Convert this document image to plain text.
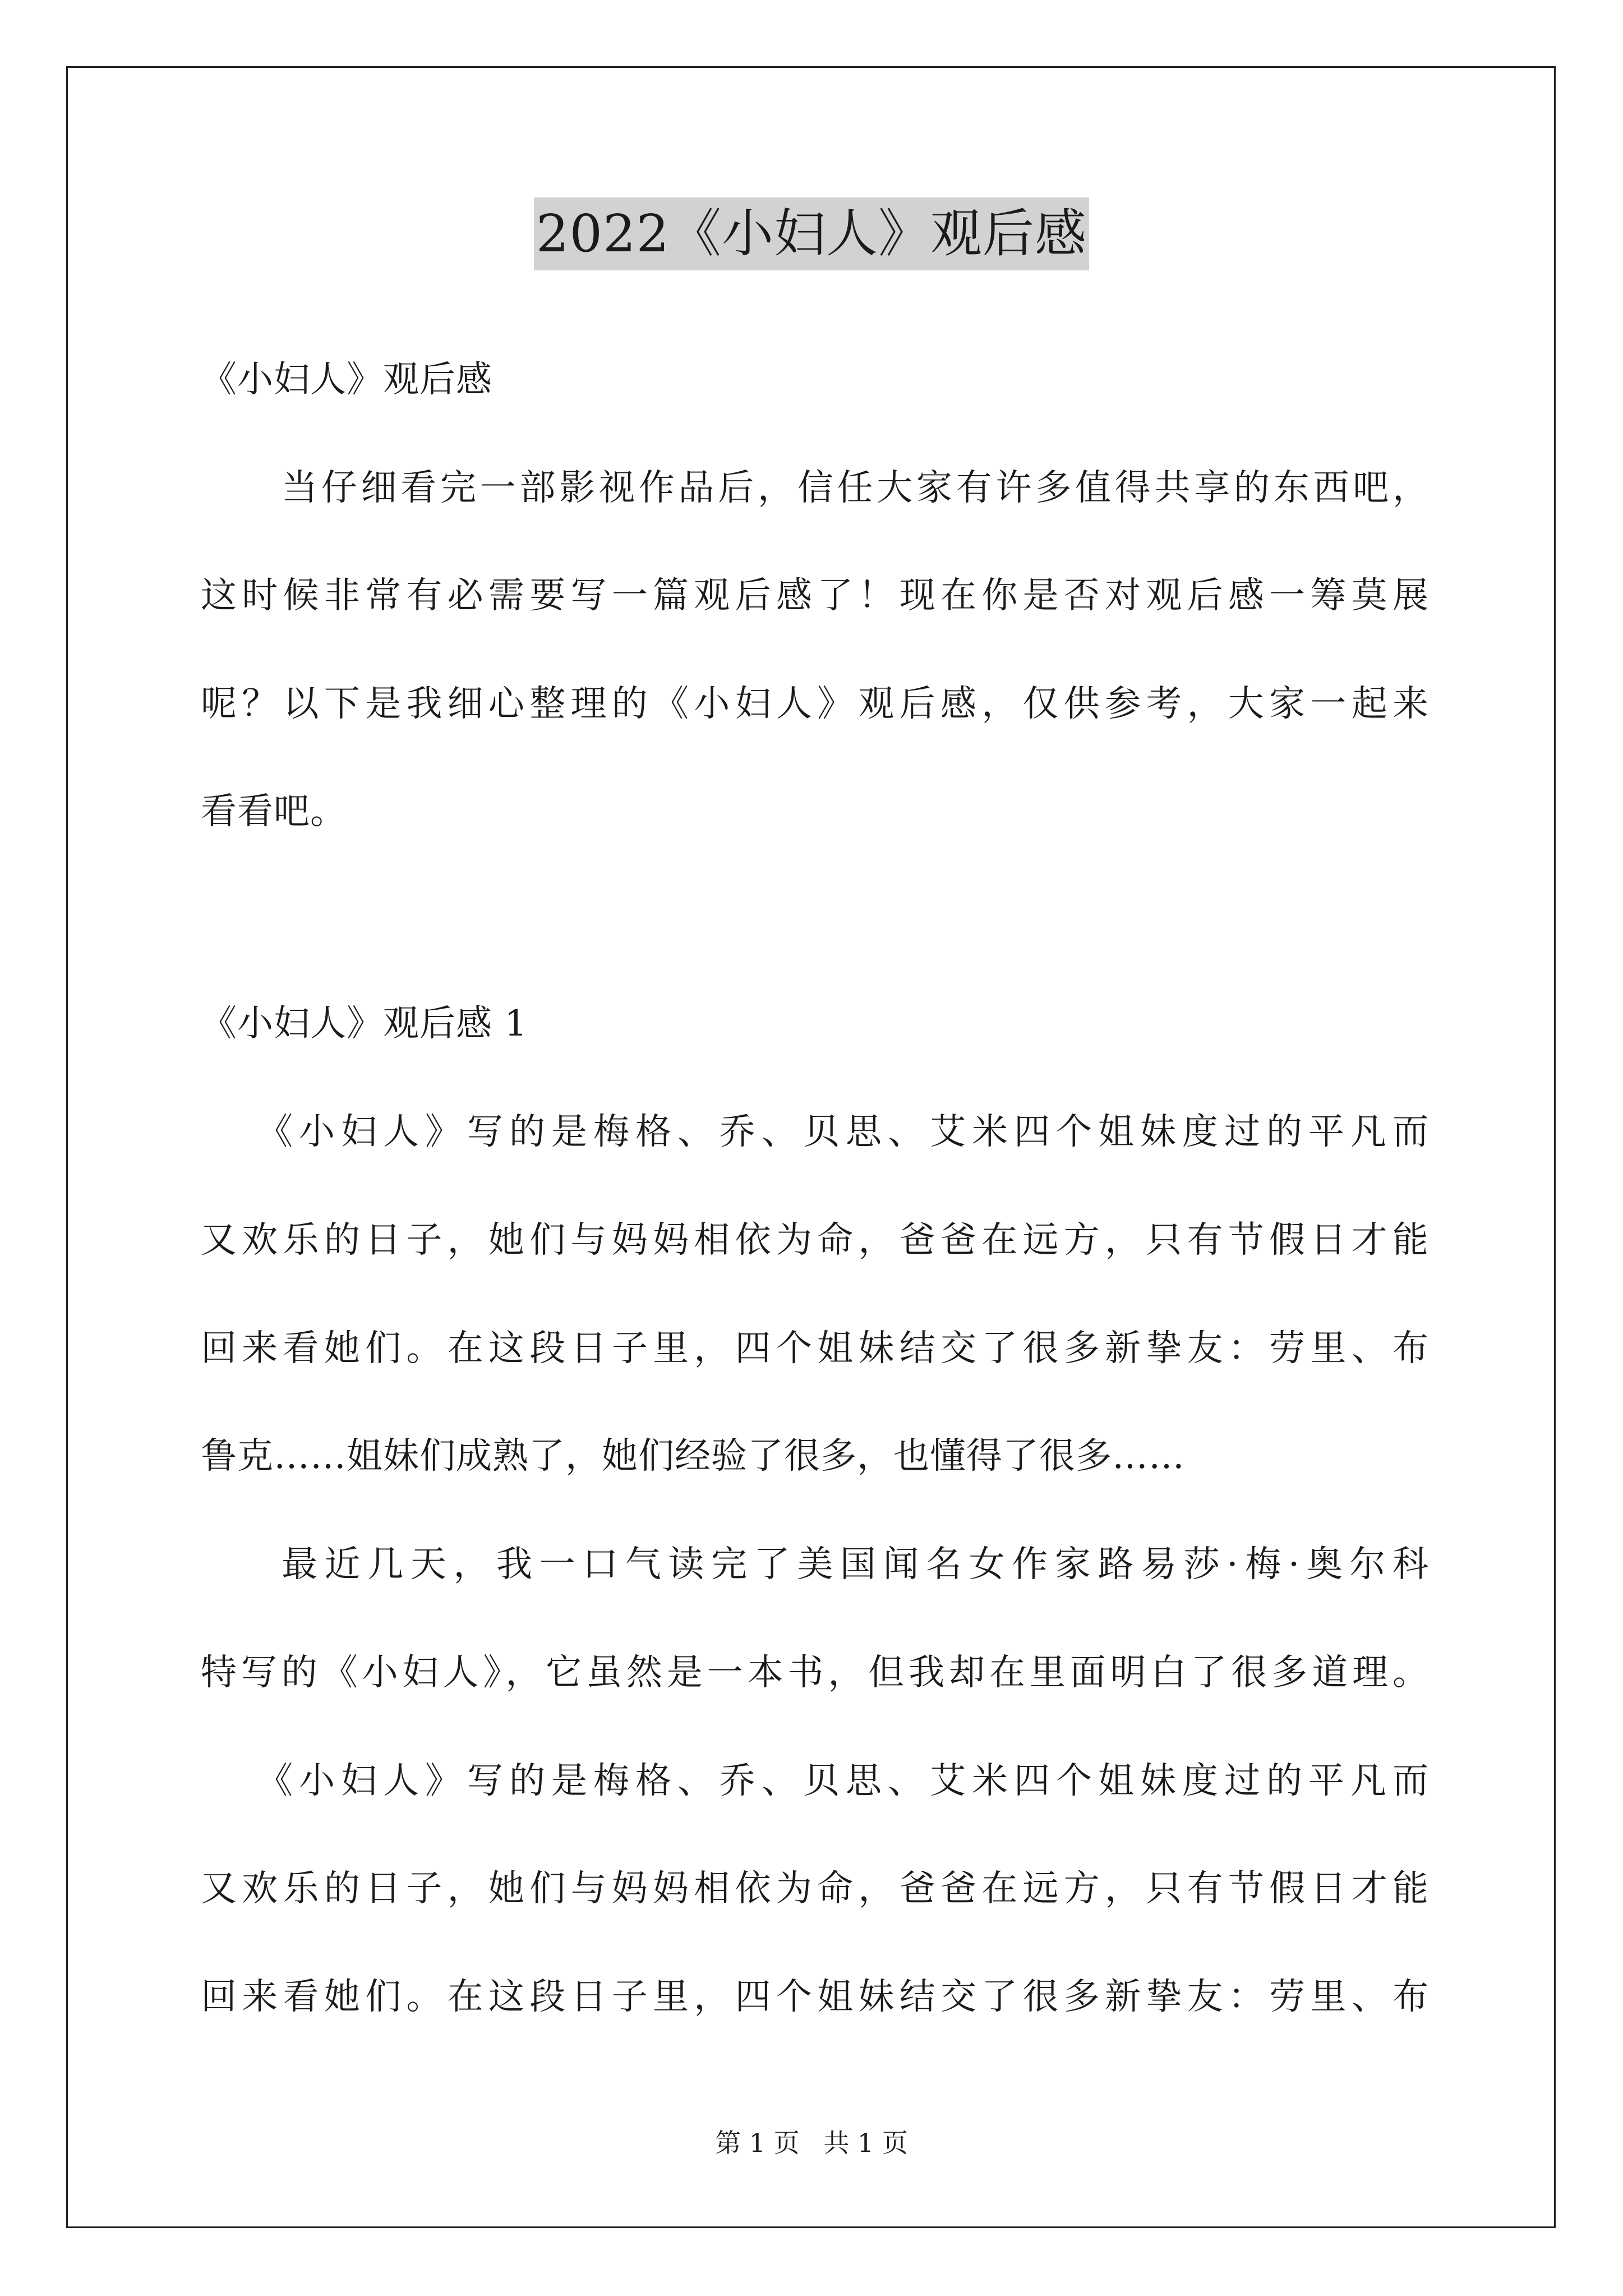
2022《小妇人》观后感
《小妇人》观后感
当仔细看完一部影视作品后，信任大家有许多值得共享的东西吧，
这时候非常有必需要写一篇观后感了！现在你是否对观后感一筹莫展
呢？以下是我细心整理的《小妇人》观后感，仅供参考，大家一起来
看看吧。
《小妇人》观后感 1
《小妇人》写的是梅格、乔、贝思、艾米四个姐妹度过的平凡而
又欢乐的日子，她们与妈妈相依为命，爸爸在远方，只有节假日才能
回来看她们。在这段日子里，四个姐妹结交了很多新挚友：劳里、布
鲁克……姐妹们成熟了，她们经验了很多，也懂得了很多……
最近几天，我一口气读完了美国闻名女作家路易莎·梅·奥尔科
特写的《小妇人》，它虽然是一本书，但我却在里面明白了很多道理。
《小妇人》写的是梅格、乔、贝思、艾米四个姐妹度过的平凡而
又欢乐的日子，她们与妈妈相依为命，爸爸在远方，只有节假日才能
回来看她们。在这段日子里，四个姐妹结交了很多新挚友：劳里、布
第 1 页 共 1 页
